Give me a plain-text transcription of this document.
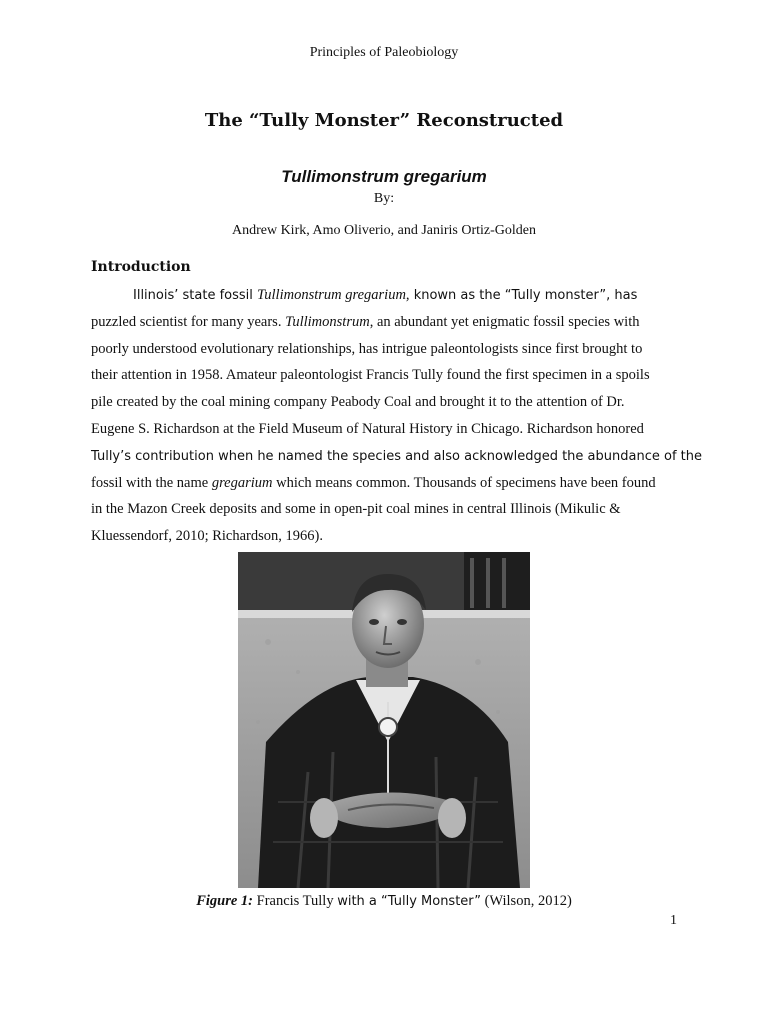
Principles of Paleobiology
The “Tully Monster” Reconstructed
Tullimonstrum gregarium
By:
Andrew Kirk, Amo Oliverio, and Janiris Ortiz-Golden
Introduction
Illinois’ state fossil Tullimonstrum gregarium, known as the “Tully monster”, has
puzzled scientist for many years. Tullimonstrum, an abundant yet enigmatic fossil species with
poorly understood evolutionary relationships, has intrigue paleontologists since first brought to
their attention in 1958. Amateur paleontologist Francis Tully found the first specimen in a spoils
pile created by the coal mining company Peabody Coal and brought it to the attention of Dr.
Eugene S. Richardson at the Field Museum of Natural History in Chicago. Richardson honored
Tully’s contribution when he named the species and also acknowledged the abundance of the
fossil with the name gregarium which means common. Thousands of specimens have been found
in the Mazon Creek deposits and some in open-pit coal mines in central Illinois (Mikulic &
Kluessendorf, 2010; Richardson, 1966).
Figure 1: Francis Tully with a “Tully Monster” (Wilson, 2012)
1
